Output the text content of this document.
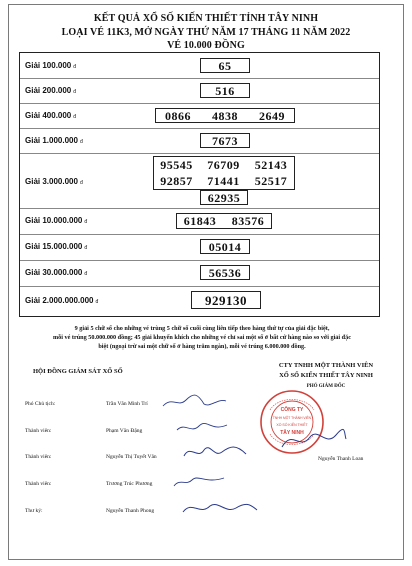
KẾT QUẢ XỔ SỐ KIẾN THIẾT TỈNH TÂY NINH
LOẠI VÉ 11K3, MỞ NGÀY THỨ NĂM 17 THÁNG 11 NĂM 2022
VÉ 10.000 ĐỒNG
Giải 100.000 đ	65
Giải 200.000 đ	516
Giải 400.000 đ	0866	4838	2649
Giải 1.000.000 đ	7673
Giải 3.000.000 đ
95545	76709	52143
92857	71441	52517
62935
Giải 10.000.000 đ	61843	83576
Giải 15.000.000 đ	05014
Giải 30.000.000 đ	56536
Giải 2.000.000.000 đ	929130
9 giải 5 chữ số cho những vé trùng 5 chữ số cuối cùng liên tiếp theo hàng thứ tự của giải đặc biệt,
mỗi vé trúng 50.000.000 đồng; 45 giải khuyến khích cho những vé chỉ sai một số ở bất cứ hàng nào so với giải đặc
biệt (ngoại trừ sai một chữ số ở hàng trăm ngàn), mỗi vé trúng 6.000.000 đồng.
HỘI ĐỒNG GIÁM SÁT XỔ SỐ
CTY TNHH MỘT THÀNH VIÊN
XỔ SỐ KIẾN THIẾT TÂY NINH
PHÓ GIÁM ĐỐC
Phó Chủ tịch:	Trần Văn Minh Trí
Thành viên:	Phạm Văn Đặng
Thành viên:	Nguyễn Thị Tuyết Vân
Thành viên:	Trương Trúc Phương
Thư ký:	Nguyễn Thanh Phong
Nguyễn Thanh Loan
CÔNG TY
TNHH MỘT THÀNH VIÊN
XỔ SỐ KIẾN THIẾT
TÂY NINH
